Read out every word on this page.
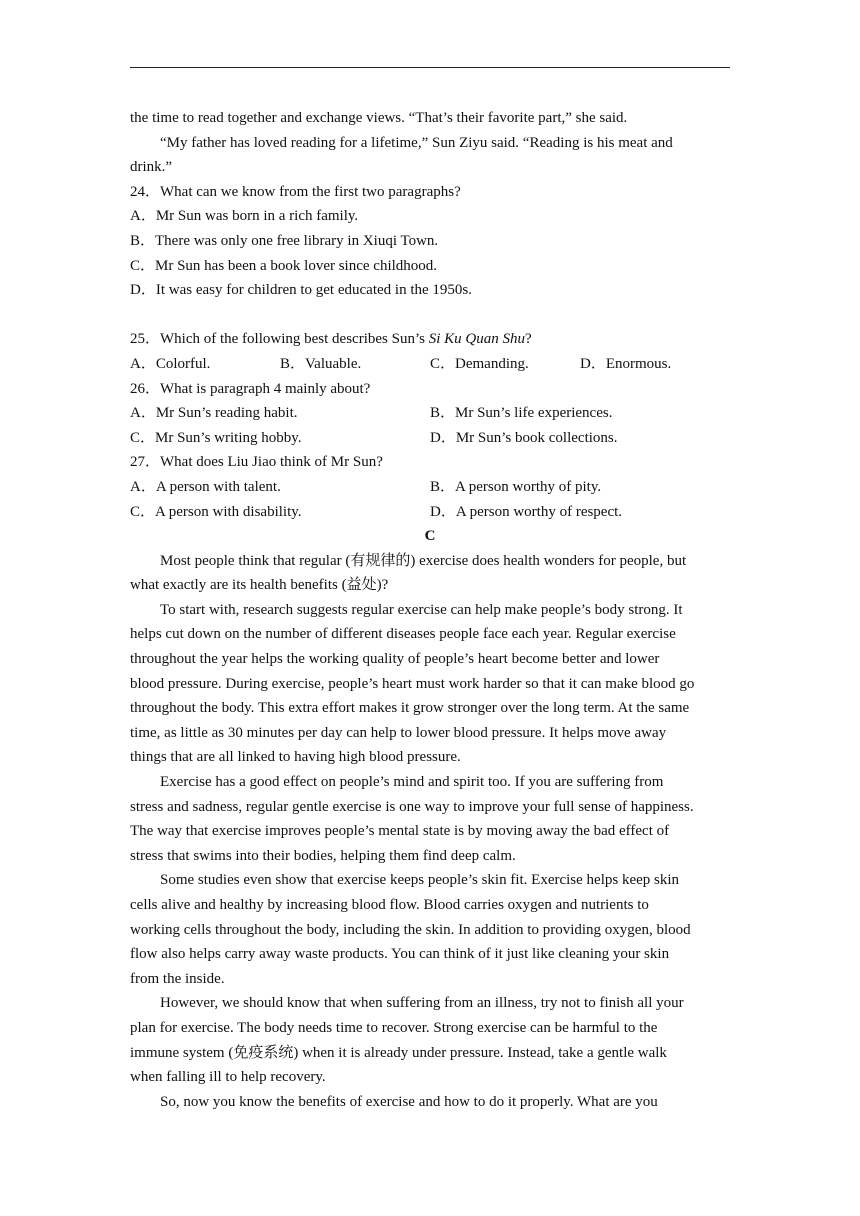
the time to read together and exchange views. “That’s their favorite part,” she said.
“My father has loved reading for a lifetime,” Sun Ziyu said. “Reading is his meat and
drink.”
24．What can we know from the first two paragraphs?
A．Mr Sun was born in a rich family.
B．There was only one free library in Xiuqi Town.
C．Mr Sun has been a book lover since childhood.
D．It was easy for children to get educated in the 1950s.
25．Which of the following best describes Sun’s Si Ku Quan Shu?
A．Colorful.	B．Valuable.	C．Demanding.	D．Enormous.
26．What is paragraph 4 mainly about?
A．Mr Sun’s reading habit.	B．Mr Sun’s life experiences.
C．Mr Sun’s writing hobby.	D．Mr Sun’s book collections.
27．What does Liu Jiao think of Mr Sun?
A．A person with talent.	B．A person worthy of pity.
C．A person with disability.	D．A person worthy of respect.
C
Most people think that regular (有规律的) exercise does health wonders for people, but
what exactly are its health benefits (益处)?
To start with, research suggests regular exercise can help make people’s body strong. It
helps cut down on the number of different diseases people face each year. Regular exercise
throughout the year helps the working quality of people’s heart become better and lower
blood pressure. During exercise, people’s heart must work harder so that it can make blood go
throughout the body. This extra effort makes it grow stronger over the long term. At the same
time, as little as 30 minutes per day can help to lower blood pressure. It helps move away
things that are all linked to having high blood pressure.
Exercise has a good effect on people’s mind and spirit too. If you are suffering from
stress and sadness, regular gentle exercise is one way to improve your full sense of happiness.
The way that exercise improves people’s mental state is by moving away the bad effect of
stress that swims into their bodies, helping them find deep calm.
Some studies even show that exercise keeps people’s skin fit. Exercise helps keep skin
cells alive and healthy by increasing blood flow. Blood carries oxygen and nutrients to
working cells throughout the body, including the skin. In addition to providing oxygen, blood
flow also helps carry away waste products. You can think of it just like cleaning your skin
from the inside.
However, we should know that when suffering from an illness, try not to finish all your
plan for exercise. The body needs time to recover. Strong exercise can be harmful to the
immune system (免疫系统) when it is already under pressure. Instead, take a gentle walk
when falling ill to help recovery.
So, now you know the benefits of exercise and how to do it properly. What are you
